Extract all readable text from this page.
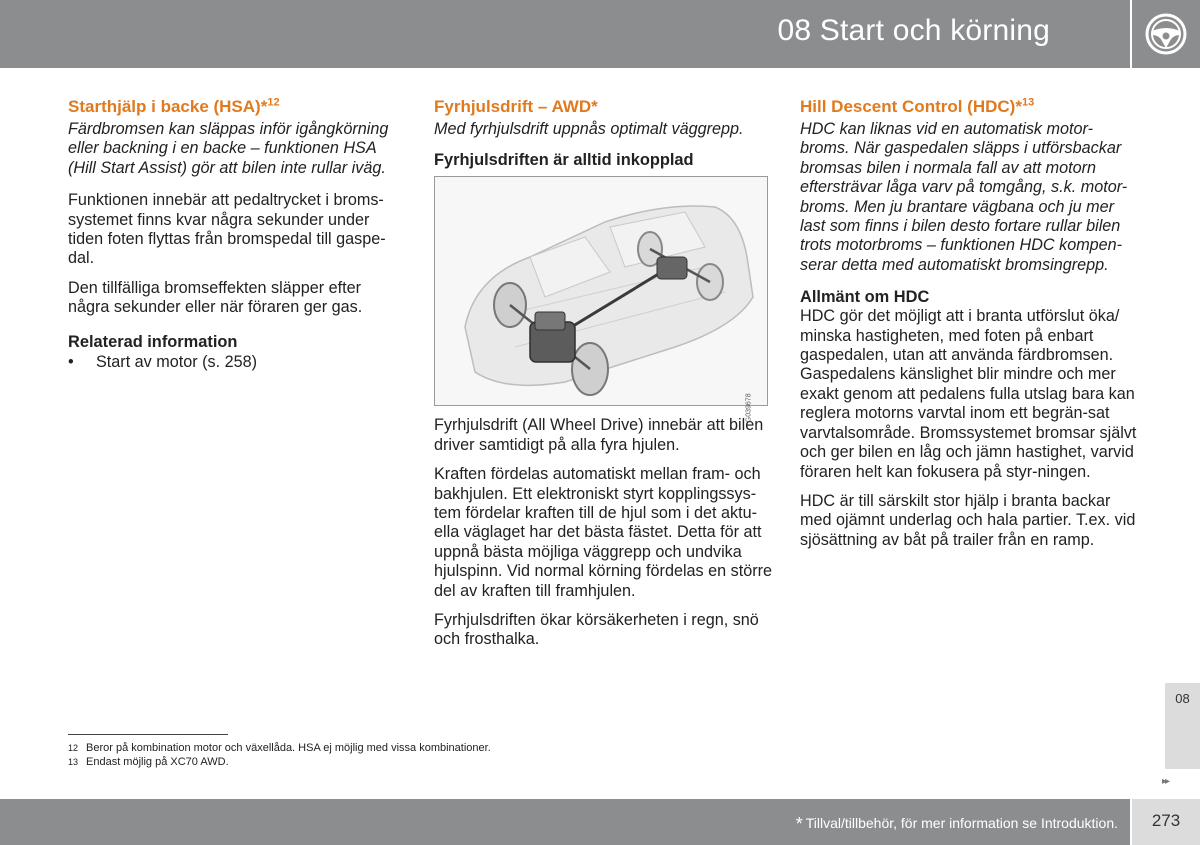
08 Start och körning
Starthjälp i backe (HSA)*$^{12}$

Färdbromsen kan släppas inför igångkörning eller backning i en backe – funktionen HSA (Hill Start Assist) gör att bilen inte rullar iväg.

Funktionen innebär att pedaltrycket i broms-systemet finns kvar några sekunder under tiden foten flyttas från bromspedal till gaspe-dal.

Den tillfälliga bromseffekten släpper efter några sekunder eller när föraren ger gas.

Relaterad information
•	Start av motor (s. 258)
Fyrhjulsdrift – AWD*

Med fyrhjulsdrift uppnås optimalt väggrepp.

Fyrhjulsdriften är alltid inkopplad
G039678

Fyrhjulsdrift (All Wheel Drive) innebär att bilen driver samtidigt på alla fyra hjulen.

Kraften fördelas automatiskt mellan fram- och bakhjulen. Ett elektroniskt styrt kopplingssys-tem fördelar kraften till de hjul som i det aktu-ella väglaget har det bästa fästet. Detta för att uppnå bästa möjliga väggrepp och undvika hjulspinn. Vid normal körning fördelas en större del av kraften till framhjulen.

Fyrhjulsdriften ökar körsäkerheten i regn, snö och frosthalka.

Hill Descent Control (HDC)*$^{13}$

HDC kan liknas vid en automatisk motor-broms. När gaspedalen släpps i utförsbackar bromsas bilen i normala fall av att motorn eftersträvar låga varv på tomgång, s.k. motor-broms. Men ju brantare vägbana och ju mer last som finns i bilen desto fortare rullar bilen trots motorbroms – funktionen HDC kompen-serar detta med automatiskt bromsingrepp.

Allmänt om HDC

HDC gör det möjligt att i branta utförslut öka/ minska hastigheten, med foten på enbart gaspedalen, utan att använda färdbromsen. Gaspedalens känslighet blir mindre och mer exakt genom att pedalens fulla utslag bara kan reglera motorns varvtal inom ett begrän-sat varvtalsområde. Bromssystemet bromsar självt och ger bilen en låg och jämn hastighet, varvid föraren helt kan fokusera på styr-ningen.

HDC är till särskilt stor hjälp i branta backar med ojämnt underlag och hala partier. T.ex. vid sjösättning av båt på trailer från en ramp.

12 Beror på kombination motor och växellåda. HSA ej möjlig med vissa kombinationer.
13 Endast möjlig på XC70 AWD.
08
▸▸
* Tillval/tillbehör, för mer information se Introduktion.	273
